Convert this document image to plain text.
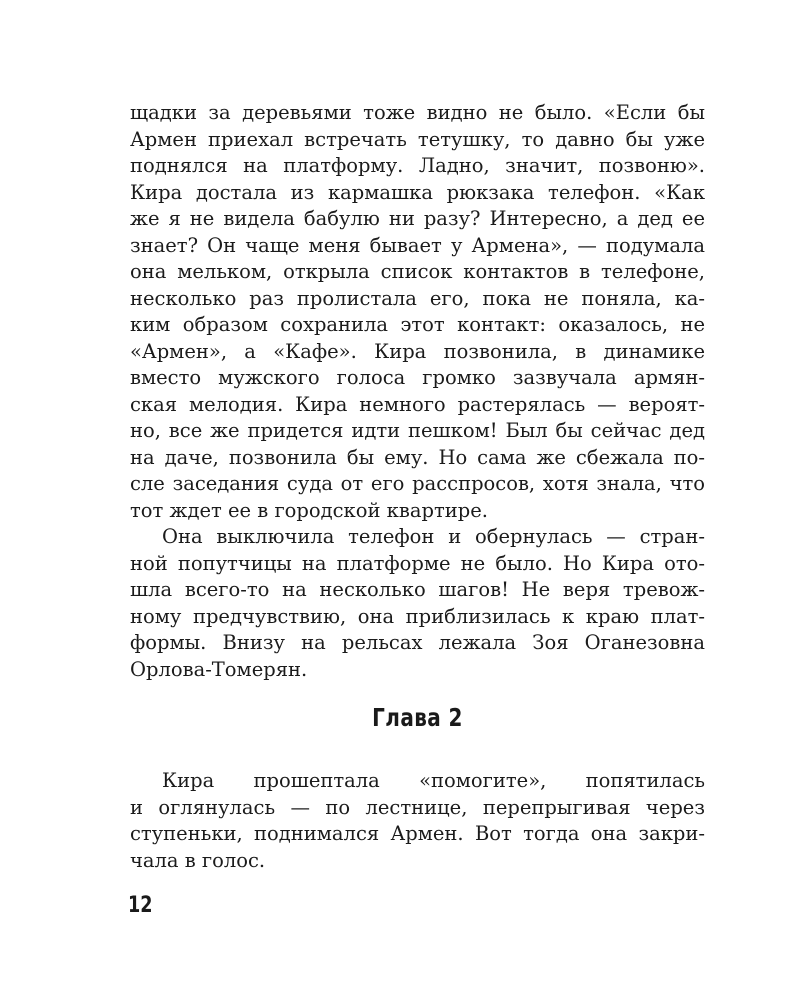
щадки за деревьями тоже видно не было. «Если бы
Армен приехал встречать тетушку, то давно бы уже
поднялся на платформу. Ладно, значит, позвоню».
Кира достала из кармашка рюкзака телефон. «Как
же я не видела бабулю ни разу? Интересно, а дед ее
знает? Он чаще меня бывает у Армена», — подумала
она мельком, открыла список контактов в телефоне,
несколько раз пролистала его, пока не поняла, ка-
ким образом сохранила этот контакт: оказалось, не
«Армен», а «Кафе». Кира позвонила, в динамике
вместо мужского голоса громко зазвучала армян-
ская мелодия. Кира немного растерялась — вероят-
но, все же придется идти пешком! Был бы сейчас дед
на даче, позвонила бы ему. Но сама же сбежала по-
сле заседания суда от его расспросов, хотя знала, что
тот ждет ее в городской квартире.
Она выключила телефон и обернулась — стран-
ной попутчицы на платформе не было. Но Кира ото-
шла всего-то на несколько шагов! Не веря тревож-
ному предчувствию, она приблизилась к краю плат-
формы. Внизу на рельсах лежала Зоя Оганезовна
Орлова-Томерян.
Глава 2
Кира прошептала «помогите», попятилась
и оглянулась — по лестнице, перепрыгивая через
ступеньки, поднимался Армен. Вот тогда она закри-
чала в голос.
12
